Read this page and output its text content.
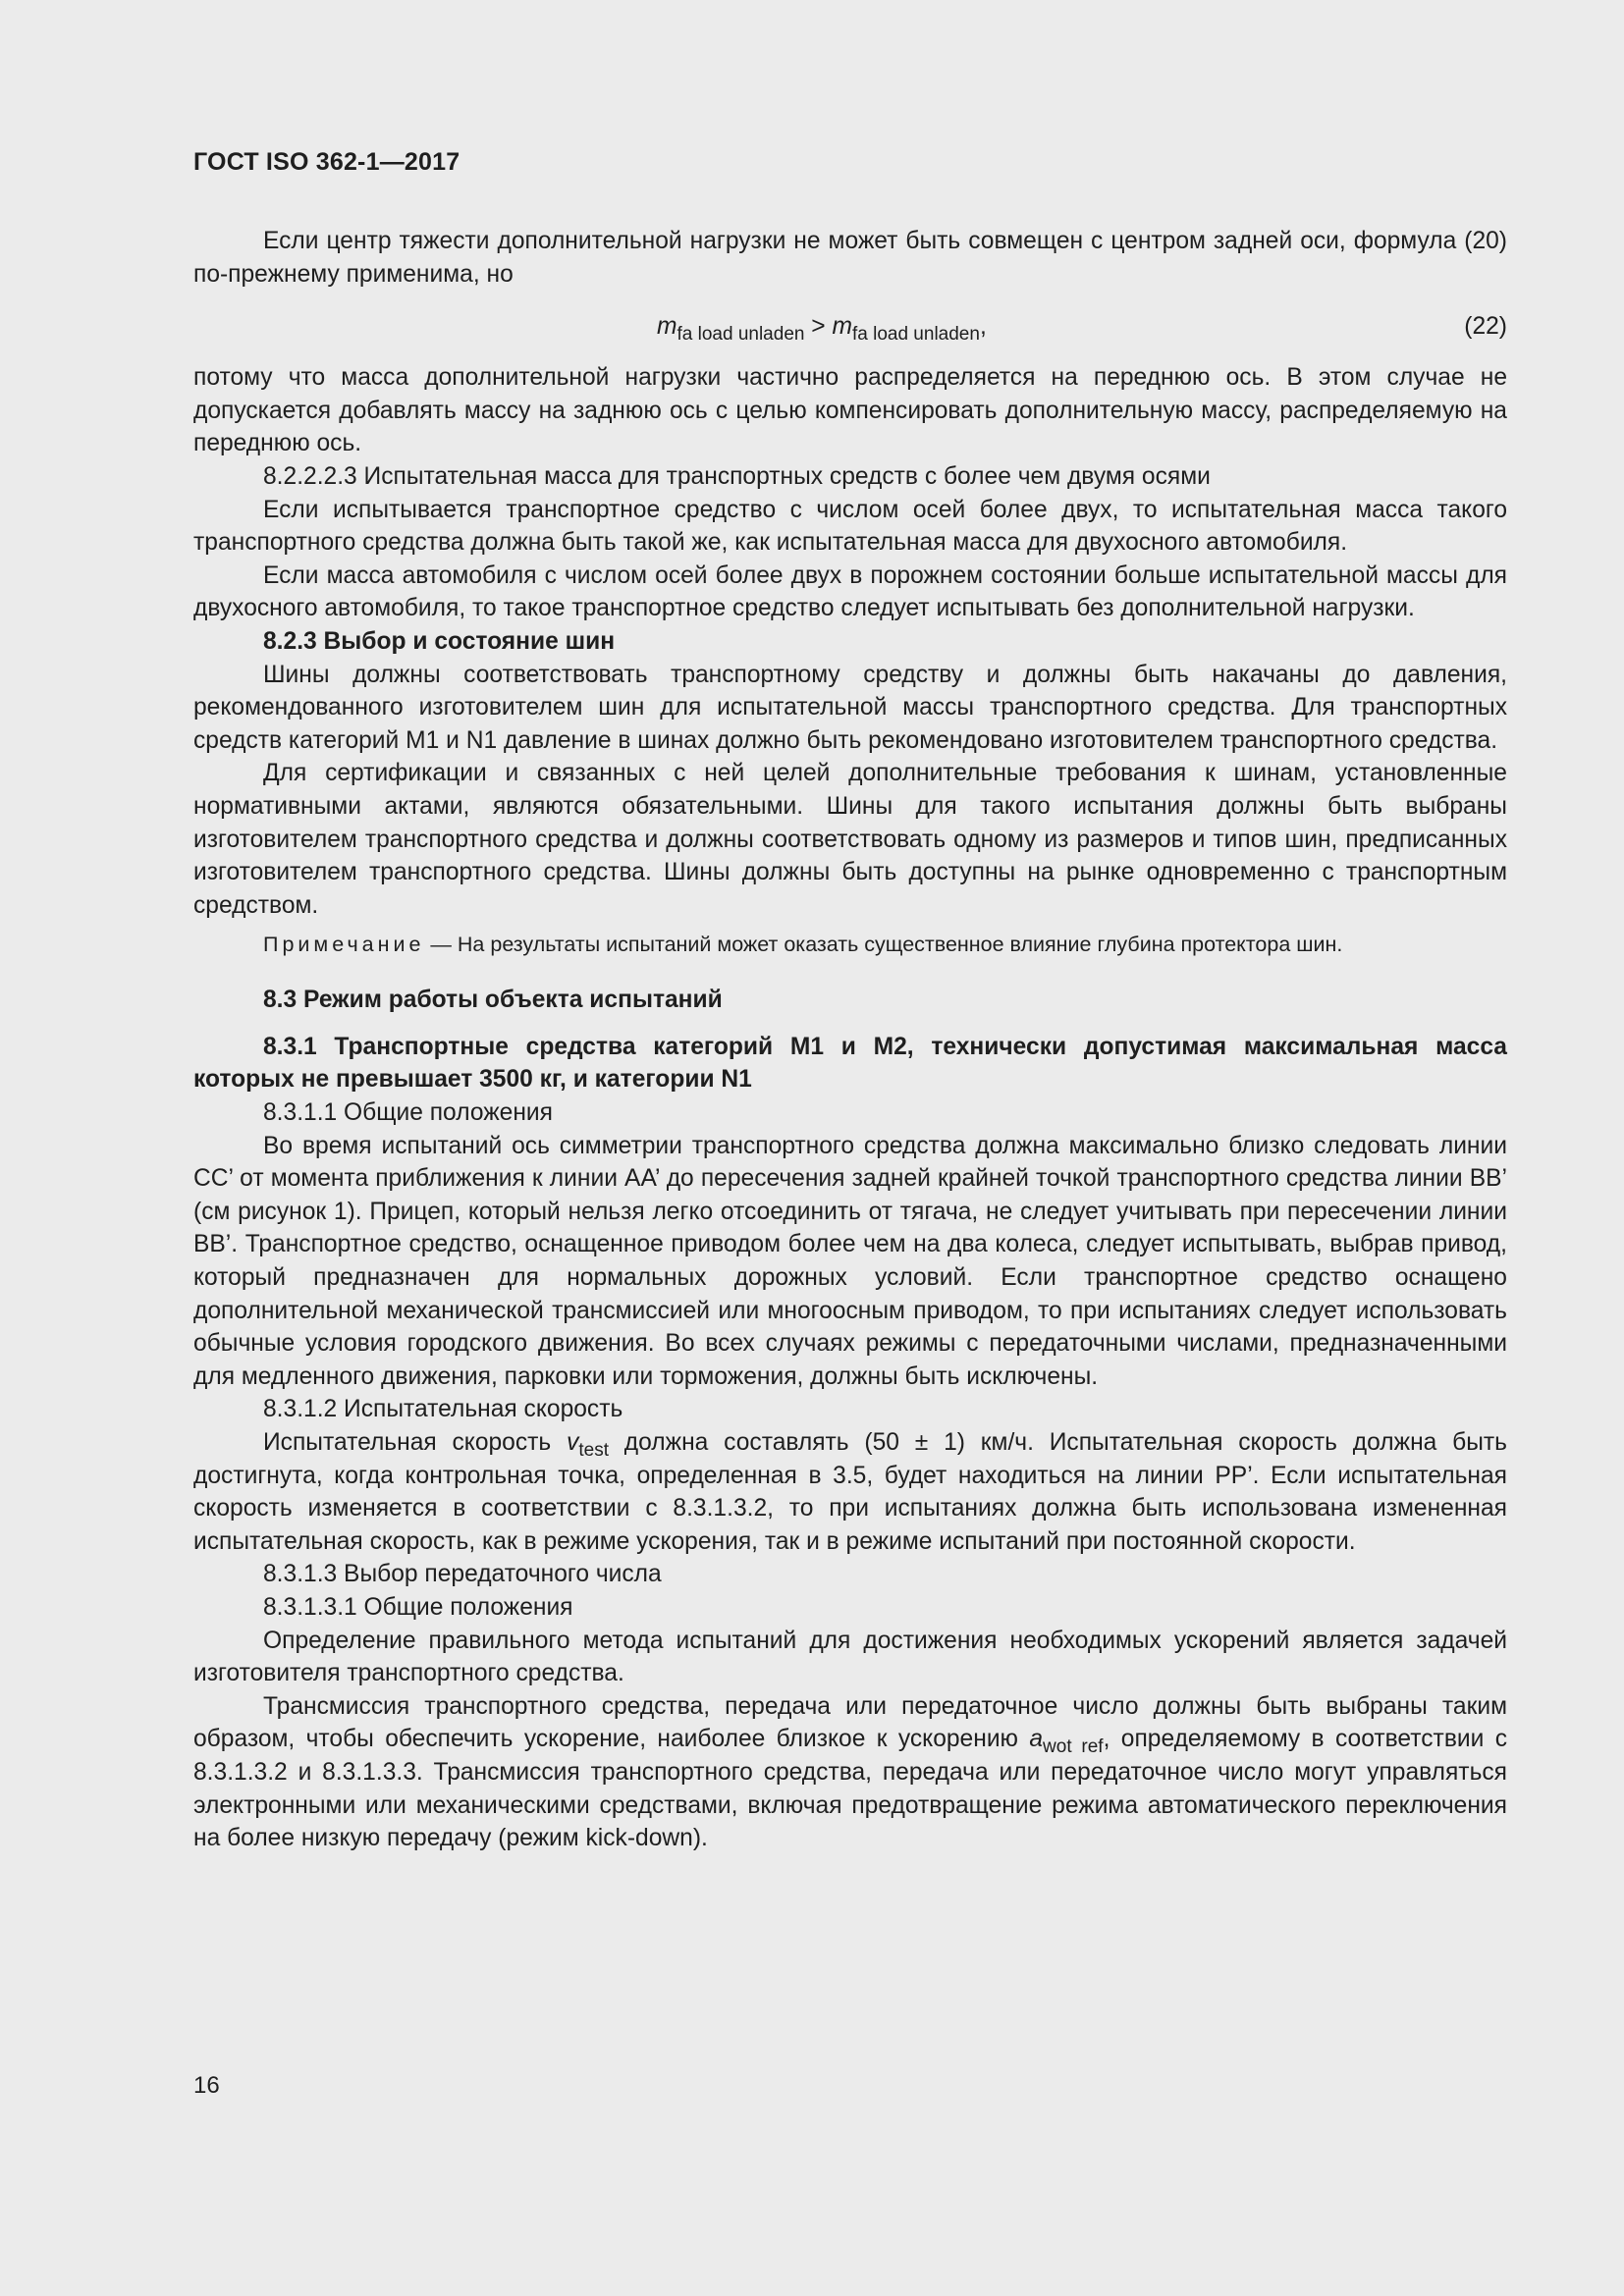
ГОСТ ISO 362-1—2017

Если центр тяжести дополнительной нагрузки не может быть совмещен с центром задней оси, формула (20) по-прежнему применима, но

$m_{fa load unladen} > m_{fa load unladen}$,	(22)

потому что масса дополнительной нагрузки частично распределяется на переднюю ось. В этом случае не допускается добавлять массу на заднюю ось с целью компенсировать дополнительную массу, распределяемую на переднюю ось.

8.2.2.2.3 Испытательная масса для транспортных средств с более чем двумя осями

Если испытывается транспортное средство с числом осей более двух, то испытательная масса такого транспортного средства должна быть такой же, как испытательная масса для двухосного автомобиля.

Если масса автомобиля с числом осей более двух в порожнем состоянии больше испытательной массы для двухосного автомобиля, то такое транспортное средство следует испытывать без дополнительной нагрузки.

8.2.3 Выбор и состояние шин

Шины должны соответствовать транспортному средству и должны быть накачаны до давления, рекомендованного изготовителем шин для испытательной массы транспортного средства. Для транспортных средств категорий M1 и N1 давление в шинах должно быть рекомендовано изготовителем транспортного средства.

Для сертификации и связанных с ней целей дополнительные требования к шинам, установленные нормативными актами, являются обязательными. Шины для такого испытания должны быть выбраны изготовителем транспортного средства и должны соответствовать одному из размеров и типов шин, предписанных изготовителем транспортного средства. Шины должны быть доступны на рынке одновременно с транспортным средством.

Примечание — На результаты испытаний может оказать существенное влияние глубина протектора шин.

8.3 Режим работы объекта испытаний

8.3.1 Транспортные средства категорий M1 и M2, технически допустимая максимальная масса которых не превышает 3500 кг, и категории N1

8.3.1.1 Общие положения

Во время испытаний ось симметрии транспортного средства должна максимально близко следовать линии CC’ от момента приближения к линии AA’ до пересечения задней крайней точкой транспортного средства линии BB’ (см рисунок 1). Прицеп, который нельзя легко отсоединить от тягача, не следует учитывать при пересечении линии BB’. Транспортное средство, оснащенное приводом более чем на два колеса, следует испытывать, выбрав привод, который предназначен для нормальных дорожных условий. Если транспортное средство оснащено дополнительной механической трансмиссией или многоосным приводом, то при испытаниях следует использовать обычные условия городского движения. Во всех случаях режимы с передаточными числами, предназначенными для медленного движения, парковки или торможения, должны быть исключены.

8.3.1.2 Испытательная скорость

Испытательная скорость $v_{test}$ должна составлять (50 ± 1) км/ч. Испытательная скорость должна быть достигнута, когда контрольная точка, определенная в 3.5, будет находиться на линии PP’. Если испытательная скорость изменяется в соответствии с 8.3.1.3.2, то при испытаниях должна быть использована измененная испытательная скорость, как в режиме ускорения, так и в режиме испытаний при постоянной скорости.

8.3.1.3 Выбор передаточного числа

8.3.1.3.1 Общие положения

Определение правильного метода испытаний для достижения необходимых ускорений является задачей изготовителя транспортного средства.

Трансмиссия транспортного средства, передача или передаточное число должны быть выбраны таким образом, чтобы обеспечить ускорение, наиболее близкое к ускорению $a_{wot ref}$, определяемому в соответствии с 8.3.1.3.2 и 8.3.1.3.3. Трансмиссия транспортного средства, передача или передаточное число могут управляться электронными или механическими средствами, включая предотвращение режима автоматического переключения на более низкую передачу (режим kick-down).

16
